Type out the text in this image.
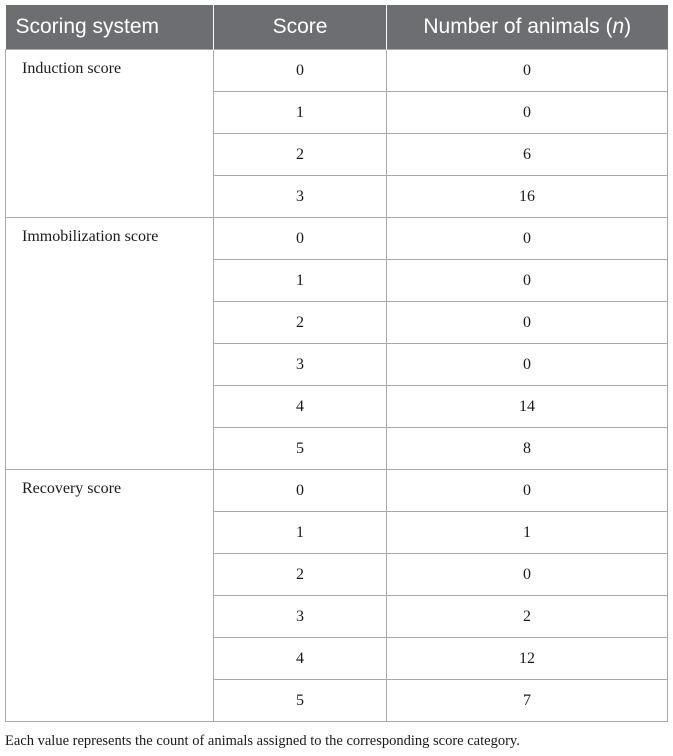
Scoring system	Score	Number of animals (n)
Induction score	0	0
	1	0
	2	6
	3	16
Immobilization score	0	0
	1	0
	2	0
	3	0
	4	14
	5	8
Recovery score	0	0
	1	1
	2	0
	3	2
	4	12
	5	7
Each value represents the count of animals assigned to the corresponding score category.
